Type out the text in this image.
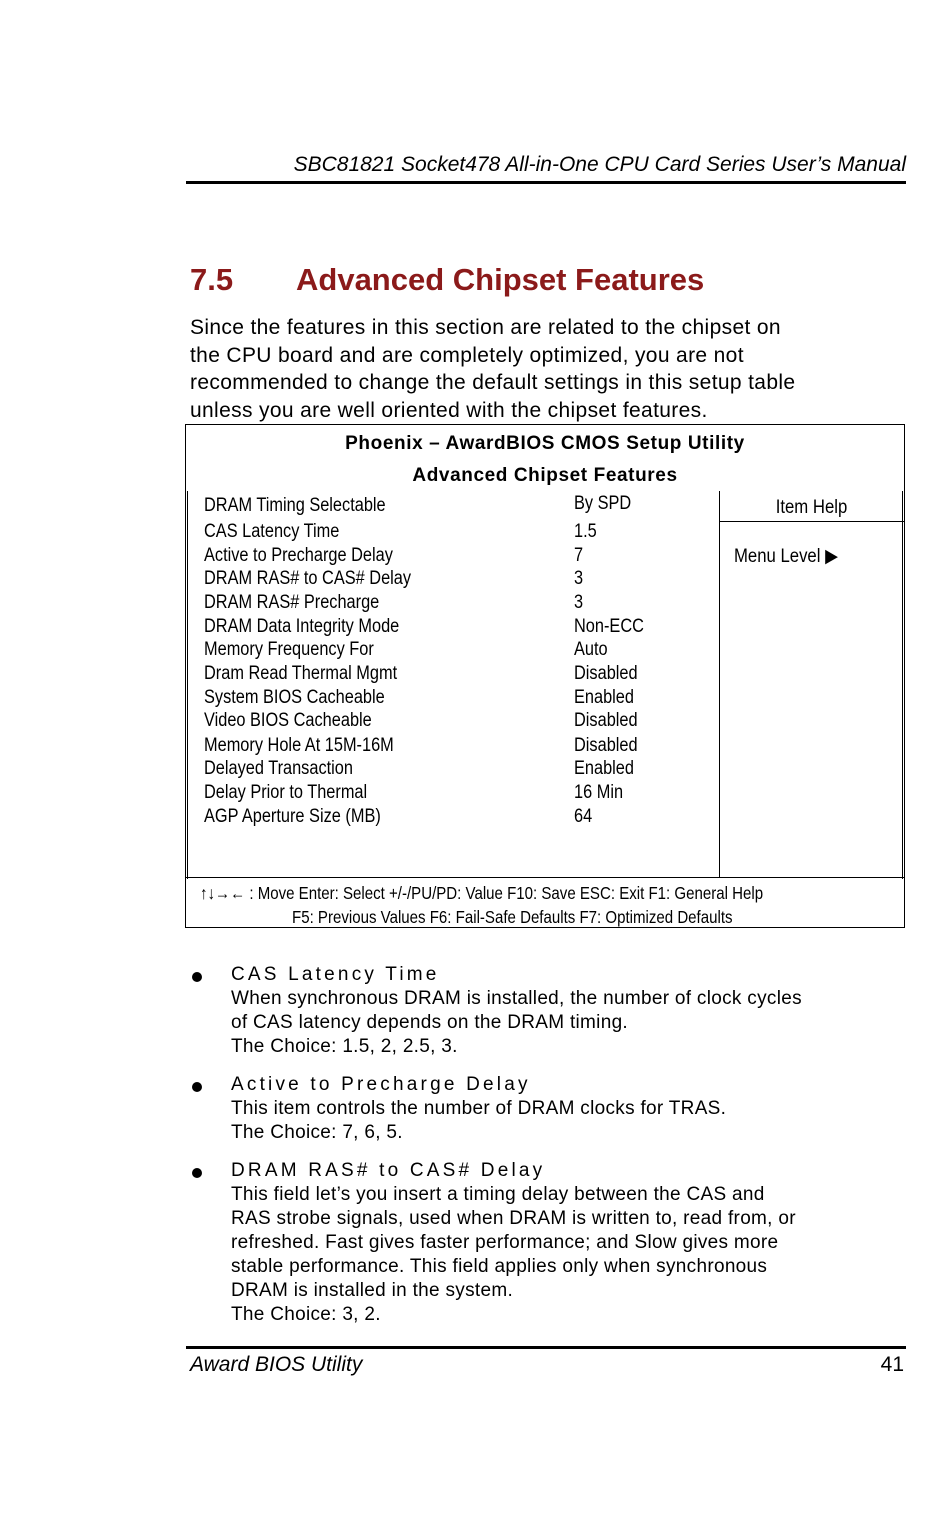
SBC81821 Socket478 All-in-One CPU Card Series User’s Manual
7.5 Advanced Chipset Features
Since the features in this section are related to the chipset on
the CPU board and are completely optimized, you are not
recommended to change the default settings in this setup table
unless you are well oriented with the chipset features.
Phoenix – AwardBIOS CMOS Setup Utility
Advanced Chipset Features
Item Help
Menu Level ▶
DRAM Timing Selectable	By SPD
CAS Latency Time	1.5
Active to Precharge Delay	7
DRAM RAS# to CAS# Delay	3
DRAM RAS# Precharge	3
DRAM Data Integrity Mode	Non-ECC
Memory Frequency For	Auto
Dram Read Thermal Mgmt	Disabled
System BIOS Cacheable	Enabled
Video BIOS Cacheable	Disabled
Memory Hole At 15M-16M	Disabled
Delayed Transaction	Enabled
Delay Prior to Thermal	16 Min
AGP Aperture Size (MB)	64
↑↓→← : Move Enter: Select +/-/PU/PD: Value F10: Save ESC: Exit F1: General Help
F5: Previous Values F6: Fail-Safe Defaults F7: Optimized Defaults
CAS Latency Time
When synchronous DRAM is installed, the number of clock cycles
of CAS latency depends on the DRAM timing.
The Choice: 1.5, 2, 2.5, 3.
Active to Precharge Delay
This item controls the number of DRAM clocks for TRAS.
The Choice: 7, 6, 5.
DRAM RAS# to CAS# Delay
This field let’s you insert a timing delay between the CAS and
RAS strobe signals, used when DRAM is written to, read from, or
refreshed. Fast gives faster performance; and Slow gives more
stable performance. This field applies only when synchronous
DRAM is installed in the system.
The Choice: 3, 2.
Award BIOS Utility	41
